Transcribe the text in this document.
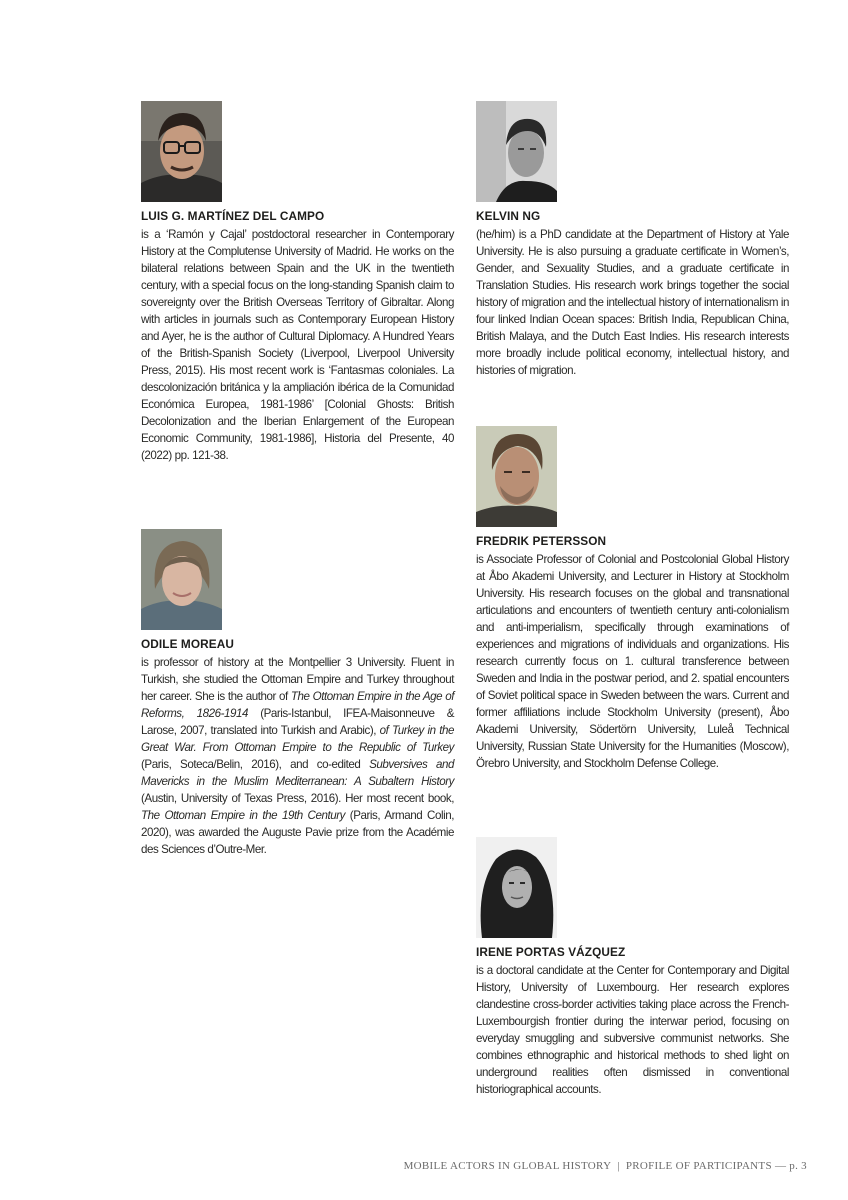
LUIS G. MARTÍNEZ DEL CAMPO

is a ‘Ramón y Cajal’ postdoctoral researcher in Contemporary History at the Complutense University of Madrid. He works on the bilateral relations between Spain and the UK in the twentieth century, with a special focus on the long-standing Spanish claim to sovereignty over the British Overseas Territory of Gibraltar. Along with articles in journals such as Contemporary European History and Ayer, he is the author of Cultural Diplomacy. A Hundred Years of the British-Spanish Society (Liverpool, Liverpool University Press, 2015). His most recent work is ‘Fantasmas coloniales. La descolonización británica y la ampliación ibérica de la Comunidad Económica Europea, 1981-1986’ [Colonial Ghosts: British Decolonization and the Iberian Enlargement of the European Economic Community, 1981-1986], Historia del Presente, 40 (2022) pp. 121-38.

KELVIN NG

(he/him) is a PhD candidate at the Department of History at Yale University. He is also pursuing a graduate certificate in Women’s, Gender, and Sexuality Studies, and a graduate certificate in Translation Studies. His research work brings together the social history of migration and the intellectual history of internationalism in four linked Indian Ocean spaces: British India, Republican China, British Malaya, and the Dutch East Indies. His research interests more broadly include political economy, intellectual history, and histories of migration.

ODILE MOREAU

is professor of history at the Montpellier 3 University. Fluent in Turkish, she studied the Ottoman Empire and Turkey throughout her career. She is the author of The Ottoman Empire in the Age of Reforms, 1826-1914 (Paris-Istanbul, IFEA-Maisonneuve & Larose, 2007, translated into Turkish and Arabic), of Turkey in the Great War. From Ottoman Empire to the Republic of Turkey (Paris, Soteca/Belin, 2016), and co-edited Subversives and Mavericks in the Muslim Mediterranean: A Subaltern History (Austin, University of Texas Press, 2016). Her most recent book, The Ottoman Empire in the 19th Century (Paris, Armand Colin, 2020), was awarded the Auguste Pavie prize from the Académie des Sciences d’Outre-Mer.

FREDRIK PETERSSON

is Associate Professor of Colonial and Postcolonial Global History at Åbo Akademi University, and Lecturer in History at Stockholm University. His research focuses on the global and transnational articulations and encounters of twentieth century anti-colonialism and anti-imperialism, specifically through examinations of experiences and migrations of individuals and organizations. His research currently focus on 1. cultural transference between Sweden and India in the postwar period, and 2. spatial encounters of Soviet political space in Sweden between the wars. Current and former affiliations include Stockholm University (present), Åbo Akademi University, Södertörn University, Luleå Technical University, Russian State University for the Humanities (Moscow), Örebro University, and Stockholm Defense College.

IRENE PORTAS VÁZQUEZ

is a doctoral candidate at the Center for Contemporary and Digital History, University of Luxembourg. Her research explores clandestine cross-border activities taking place across the French-Luxembourgish frontier during the interwar period, focusing on everyday smuggling and subversive communist networks. She combines ethnographic and historical methods to shed light on underground realities often dismissed in conventional historiographical accounts.

MOBILE ACTORS IN GLOBAL HISTORY | PROFILE OF PARTICIPANTS — p. 3
